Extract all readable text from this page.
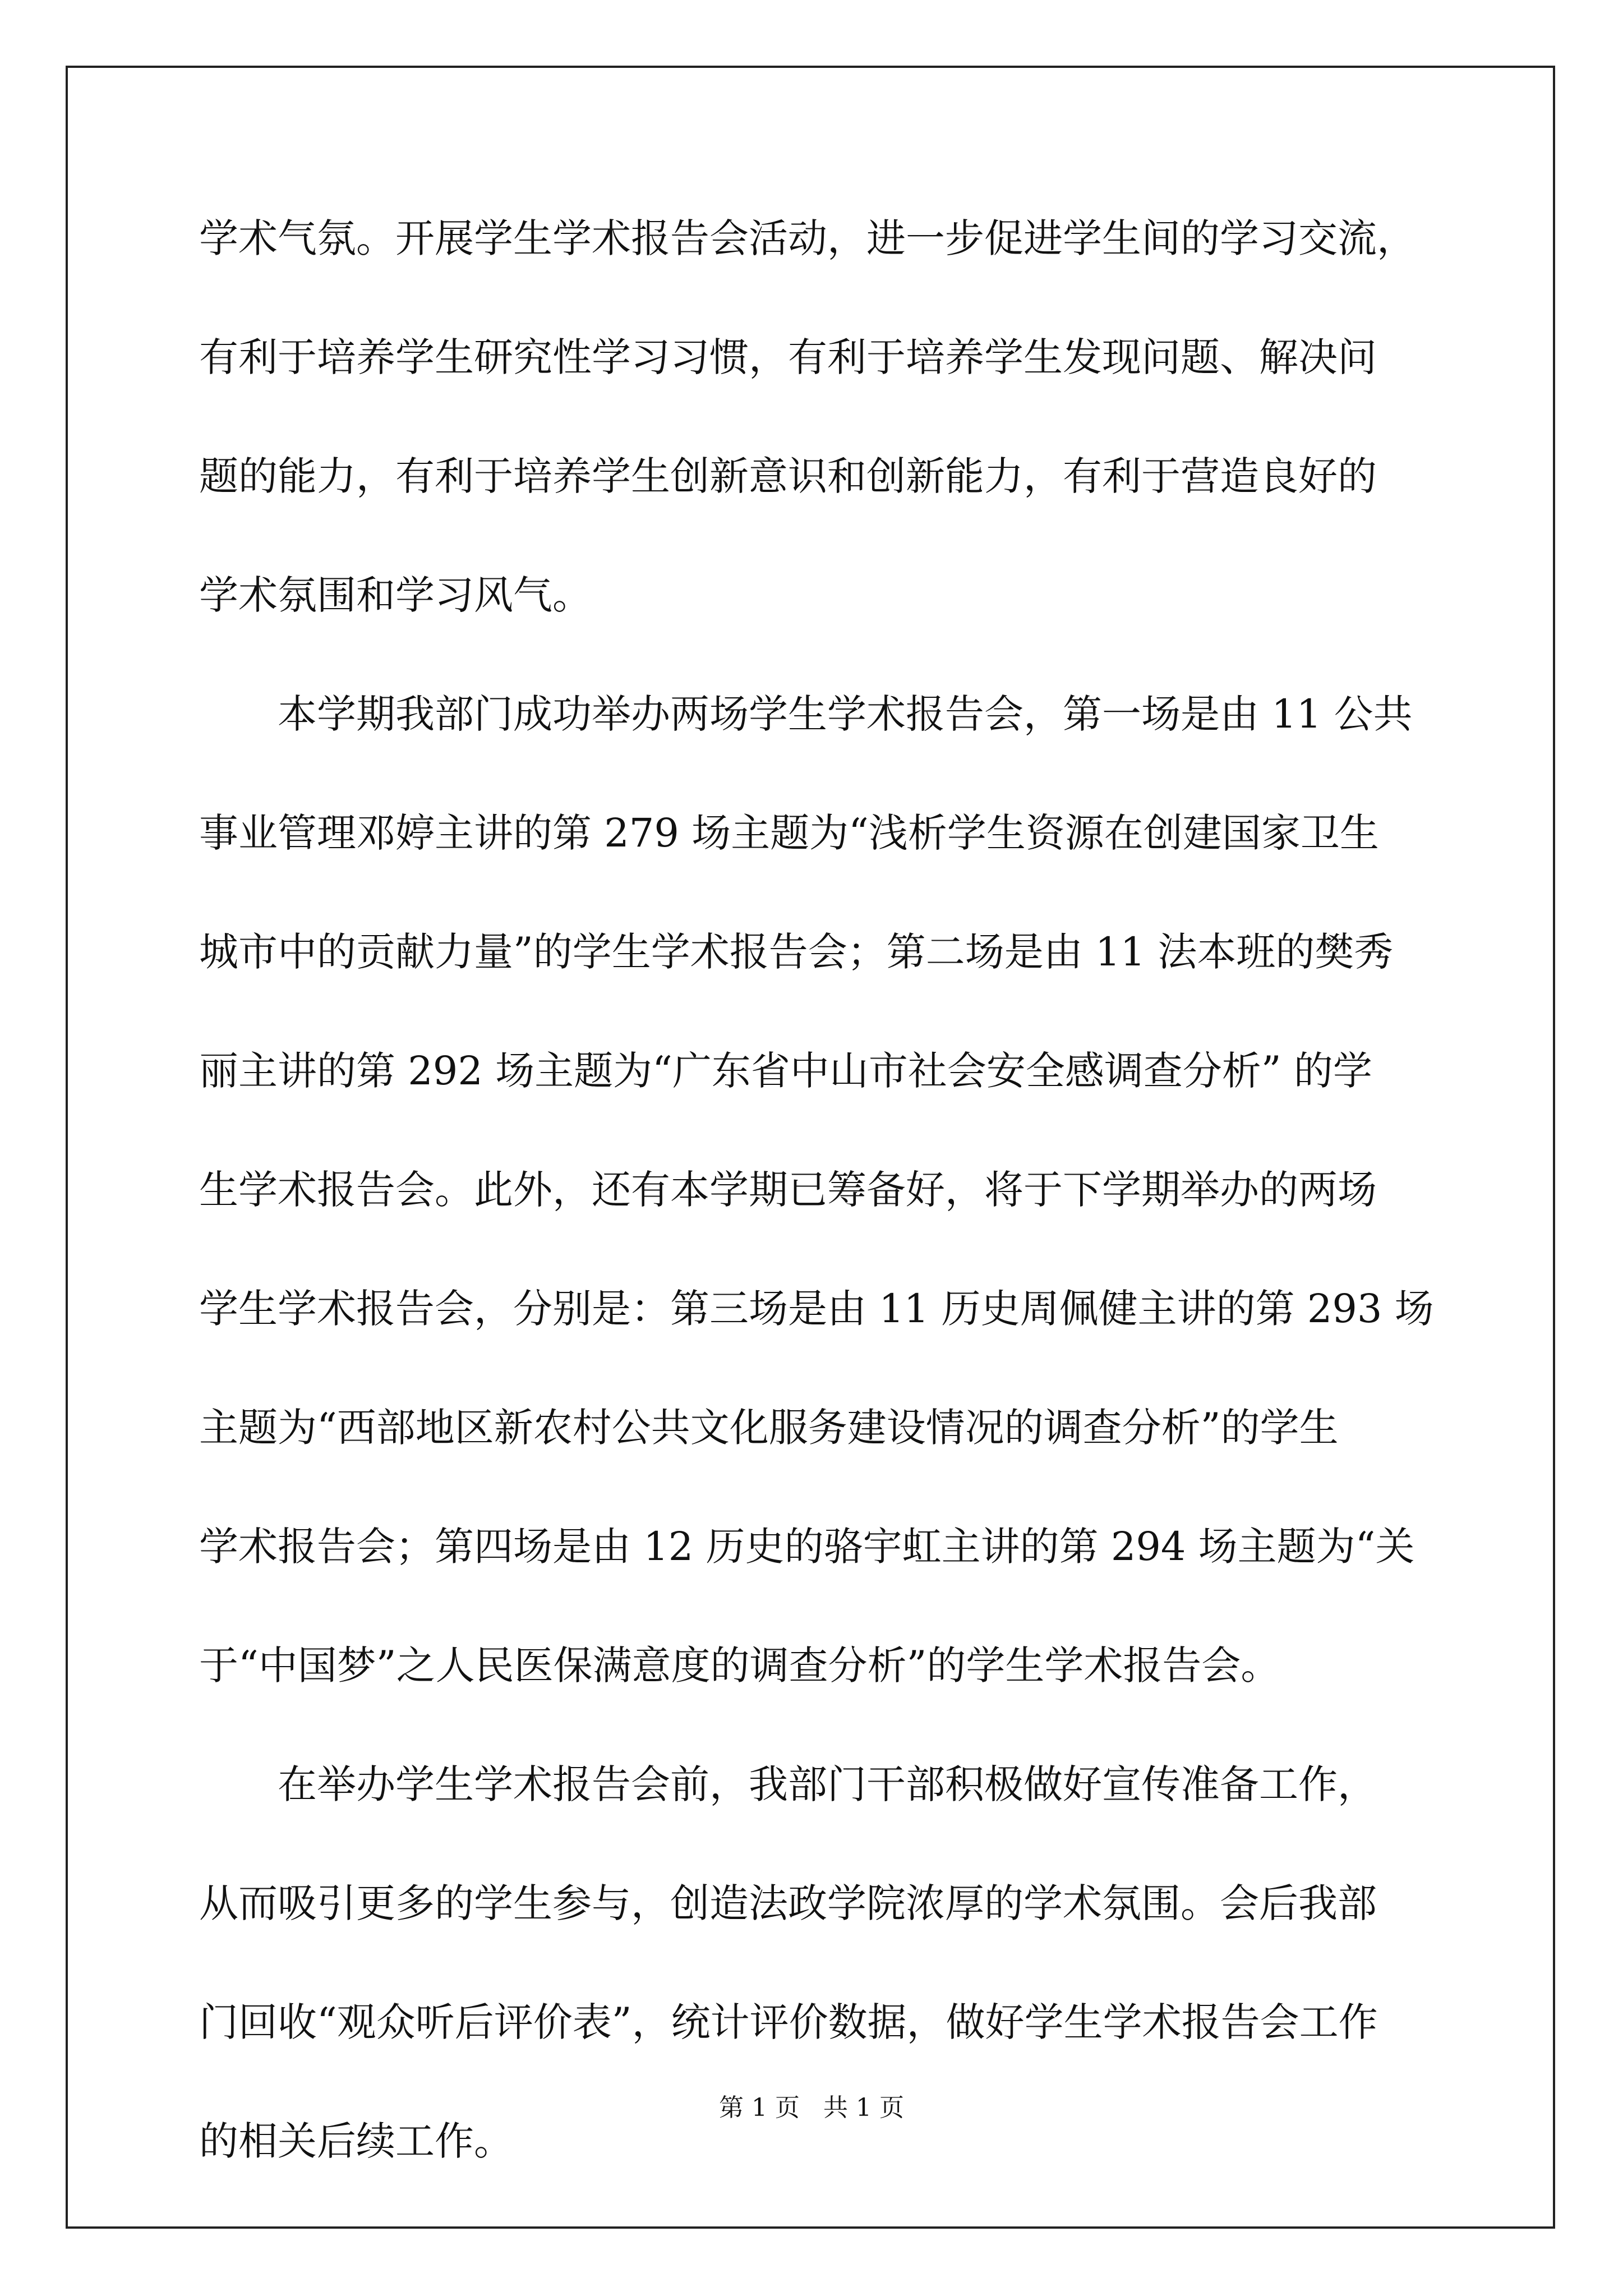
学术气氛。开展学生学术报告会活动，进一步促进学生间的学习交流，
有利于培养学生研究性学习习惯，有利于培养学生发现问题、解决问
题的能力，有利于培养学生创新意识和创新能力，有利于营造良好的
学术氛围和学习风气。
本学期我部门成功举办两场学生学术报告会，第一场是由 11 公共
事业管理邓婷主讲的第 279 场主题为“浅析学生资源在创建国家卫生
城市中的贡献力量”的学生学术报告会；第二场是由 11 法本班的樊秀
丽主讲的第 292 场主题为“广东省中山市社会安全感调查分析” 的学
生学术报告会。此外，还有本学期已筹备好，将于下学期举办的两场
学生学术报告会，分别是：第三场是由 11 历史周佩健主讲的第 293 场
主题为“西部地区新农村公共文化服务建设情况的调查分析”的学生
学术报告会；第四场是由 12 历史的骆宇虹主讲的第 294 场主题为“关
于“中国梦”之人民医保满意度的调查分析”的学生学术报告会。
在举办学生学术报告会前，我部门干部积极做好宣传准备工作，
从而吸引更多的学生参与，创造法政学院浓厚的学术氛围。会后我部
门回收“观众听后评价表”，统计评价数据，做好学生学术报告会工作
的相关后续工作。
第 1 页   共 1 页
